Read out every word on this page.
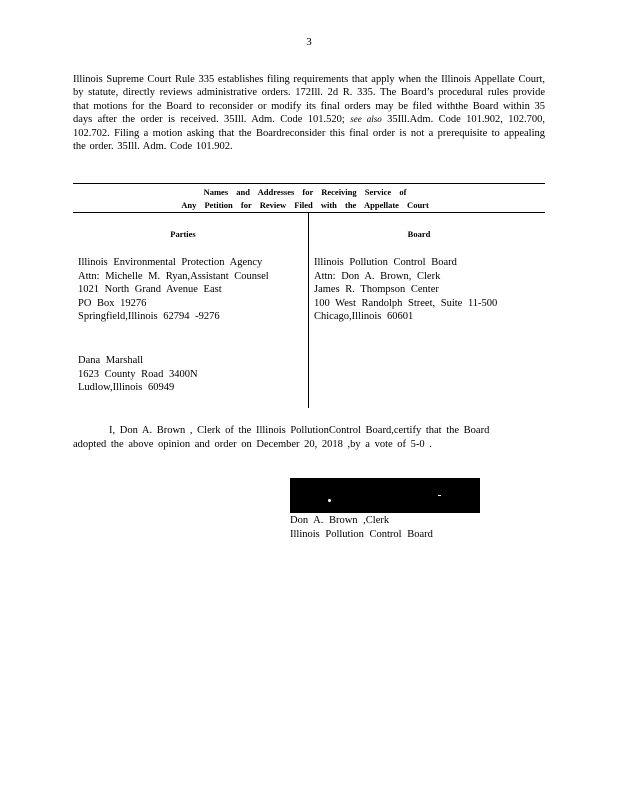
3
Illinois Supreme Court Rule 335 establishes filing requirements that apply when the Illinois Appellate Court, by statute, directly reviews administrative orders. 172Ill. 2d R. 335. The Board’s procedural rules provide that motions for the Board to reconsider or modify its final orders may be filed withthe Board within 35 days after the order is received. 35Ill. Adm. Code 101.520; see also 35Ill.Adm. Code 101.902, 102.700, 102.702. Filing a motion asking that the Boardreconsider this final order is not a prerequisite to appealing the order. 35Ill. Adm. Code 101.902.
Names and Addresses for Receiving Service of
Any Petition for Review Filed with the Appellate Court
Parties	Board
Illinois Environmental Protection Agency
Attn: Michelle M. Ryan,Assistant Counsel
1021 North Grand Avenue East
PO Box 19276
Springfield,Illinois 62794 -9276
Dana Marshall
1623 County Road 3400N
Ludlow,Illinois 60949
Illinois Pollution Control Board
Attn: Don A. Brown, Clerk
James R. Thompson Center
100 West Randolph Street, Suite 11-500
Chicago,Illinois 60601
I, Don A. Brown , Clerk of the Illinois PollutionControl Board,certify that the Board
adopted the above opinion and order on December 20, 2018 ,by a vote of 5-0 .
Don A. Brown ,Clerk
Illinois Pollution Control Board
